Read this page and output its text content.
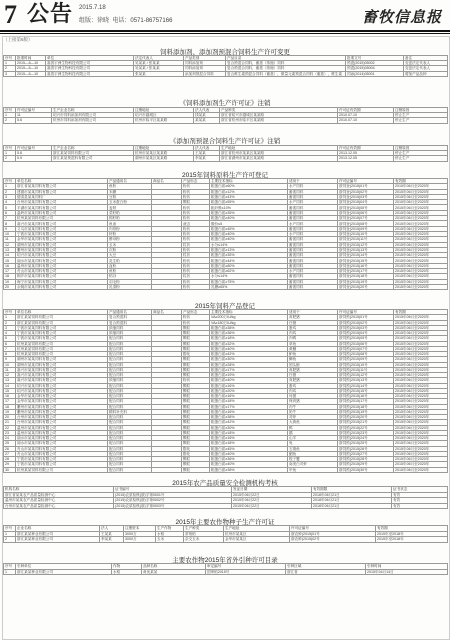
7 公告 2015.7.18
组版：徐晓 电话：0571-86757166	畜牧信息报
（上接第6版）
饲料添加剂、添加剂预混合饲料生产许可变更
序号	批准时间	单位	法定代表人	产品类别	产品目录	批准文号	备注
1	2015—6—10	嘉善宇洲生物科技有限公司	吴某某 / 张某某	饲料添加剂	复合预混合饲料，畜禽（浓缩）饲料	预混(2015)05002	变更法定代表人
2	2015—6—10	嘉善宇洲生物科技有限公司	吴某某 / 张某某	饲料添加剂	复合预混合饲料，畜禽（浓缩）饲料	预混(2015)05004	变更法定代表人
3	2015—6—10	嘉善宇洲生物科技有限公司	张某某	添加剂预混合饲料	复合维生素预混合饲料（畜禽），微量元素预混合饲料（畜禽），维生素	饲添(2014)05001	增加产品品种
《饲料添加剂生产许可证》注销
序号	许可证编号	生产企业名称	注册地址	法人代表	产品种类	许可证有效期	注销原因
1	11	绍兴市饲料添加剂有限公司	绍兴市越城区	钱某某	浙江省绍兴市越城区某某路	2010.07.10	停止生产
2	5.6	杭州市饲料添加剂有限公司	杭州市临平区某某路	某某某	浙江省杭州市临平区某某路	2010.07.10	停止生产
《添加剂预混合饲料生产许可证》注销
序号	许可证编号	生产企业名称	注册地址	法人代表	生产地址	许可证有效期	注销原因
1	5.8	浙江某某饲料有限公司	杭州市某某区某某路	王某某	浙江省杭州市某某区某某路	2013.12.05	停止生产
2	5.9	浙江某某预混料有限公司	湖州市某某区某某路	李某某	浙江省湖州市某某区某某路	2013.12.05	停止生产
2015年饲料原料生产许可登记
序号	单位名称	产品通用名	商品名	产品形态	主要技术指标	适用于	许可证编号	有效期
1	浙江省某某饲料有限公司	鱼粉		粉状	粗蛋白质≥60%	水产饲料	浙饲登(2015)01号	2015年06月至2020年
2	建德市某某饲料有限公司	米糠		粉状	粗蛋白质≥12%	畜禽饲料	浙饲登(2015)02号	2015年06月至2020年
3	德清县某某饲料厂	豆粕		粉状	粗蛋白质≥43%	畜禽饲料	浙饲登(2015)03号	2015年06月至2020年
4	台州市某某饲料有限公司	玉米蛋白粉		颗粒	粗蛋白质≥55%	水产饲料	浙饲登(2015)04号	2015年06月至2020年
5	平湖市某某饲料有限公司	麦麸		粉状	粗纤维≤10%	畜禽饲料	浙饲登(2015)05号	2015年06月至2020年
6	温岭市某某饲料有限公司	菜籽粕		粉状	粗蛋白质≥35%	畜禽饲料	浙饲登(2015)06号	2015年06月至2020年
7	杭州某某饲料有限公司	棉籽粕		粉状	粗蛋白质≥40%	畜禽饲料	浙饲登(2015)07号	2015年06月至2020年
8	嘉兴市某某饲料有限公司	鱼油		液态	酸价≤5	水产饲料	浙饲登(2015)08号	2015年06月至2020年
9	义乌市某某饲料有限公司	肉骨粉		粉状	粗蛋白质≥45%	畜禽饲料	浙饲登(2015)09号	2015年06月至2020年
10	宁波市某某饲料有限公司	虾粉		粉状	粗蛋白质≥40%	水产饲料	浙饲登(2015)10号	2015年06月至2020年
11	金华市某某饲料有限公司	酵母粉		粉状	粗蛋白质≥40%	畜禽饲料	浙饲登(2015)11号	2015年06月至2020年
12	湖州市某某饲料有限公司	玉米		粒状	水分≤14%	畜禽饲料	浙饲登(2015)12号	2015年06月至2020年
13	衢州市某某饲料有限公司	次粉		粉状	粗蛋白质≥13%	畜禽饲料	浙饲登(2015)13号	2015年06月至2020年
14	绍兴市某某饲料有限公司	大豆		粒状	粗蛋白质≥35%	畜禽饲料	浙饲登(2015)14号	2015年06月至2020年
15	丽水市某某饲料有限公司	花生粕		粉状	粗蛋白质≥44%	畜禽饲料	浙饲登(2015)15号	2015年06月至2020年
16	温州市某某饲料有限公司	血粉		粉状	粗蛋白质≥80%	畜禽饲料	浙饲登(2015)16号	2015年06月至2020年
17	舟山市某某饲料有限公司	鱼粉		粉状	粗蛋白质≥62%	水产饲料	浙饲登(2015)17号	2015年06月至2020年
18	桐乡市某某饲料有限公司	稻谷		粒状	水分≤14%	畜禽饲料	浙饲登(2015)18号	2015年06月至2020年
19	海宁市某某饲料有限公司	羽毛粉		粉状	粗蛋白质≥75%	畜禽饲料	浙饲登(2015)19号	2015年06月至2020年
20	余姚市某某饲料有限公司	乳清粉		粉状	乳糖≥65%	畜禽饲料	浙饲登(2015)20号	2015年06月至2020年
2015年饲料产品登记
序号	单位名称	产品通用名	商品名	产品形态	主要技术指标	适用于	许可证编号	有效期
1	浙江某某饲料有限公司	复合预混料		粉状	VA≥200万IU/kg	育肥猪	浙饲预(2015)01号	2015年06月至2020年
2	浙江某某饲料有限公司	复合预混料		粉状	VA≥180万IU/kg	仔猪	浙饲预(2015)02号	2015年06月至2020年
3	宁波市某某饲料有限公司	浓缩饲料		颗粒	粗蛋白质≥38%	蛋鸡	浙饲预(2015)03号	2015年06月至2020年
4	宁波市某某饲料有限公司	浓缩饲料		颗粒	粗蛋白质≥36%	肉鸡	浙饲预(2015)04号	2015年06月至2020年
5	宁波市某某饲料有限公司	配合饲料		颗粒	粗蛋白质≥18%	肉鸭	浙饲预(2015)05号	2015年06月至2020年
6	杭州某某饲料有限公司	配合饲料		颗粒	粗蛋白质≥32%	草鱼	浙饲预(2015)06号	2015年06月至2020年
7	杭州某某饲料有限公司	配合饲料		颗粒	粗蛋白质≥40%	黄鳝	浙饲预(2015)07号	2015年06月至2020年
8	杭州某某饲料有限公司	配合饲料		膨化	粗蛋白质≥42%	鲈鱼	浙饲预(2015)08号	2015年06月至2020年
9	湖州市某某饲料有限公司	配合饲料		颗粒	粗蛋白质≥30%	鲫鱼	浙饲预(2015)09号	2015年06月至2020年
10	湖州市某某饲料有限公司	配合饲料		颗粒	粗蛋白质≥28%	团头鲂	浙饲预(2015)10号	2015年06月至2020年
11	嘉兴市某某饲料有限公司	配合饲料		颗粒	粗蛋白质≥17%	育肥猪	浙饲预(2015)11号	2015年06月至2020年
12	嘉兴市某某饲料有限公司	配合饲料		颗粒	粗蛋白质≥19%	仔猪	浙饲预(2015)12号	2015年06月至2020年
13	嘉兴市某某饲料有限公司	浓缩饲料		粉状	粗蛋白质≥40%	育肥猪	浙饲预(2015)13号	2015年06月至2020年
14	绍兴市某某饲料有限公司	配合饲料		颗粒	粗蛋白质≥16%	蛋鸡	浙饲预(2015)14号	2015年06月至2020年
15	绍兴市某某饲料有限公司	配合饲料		颗粒	粗蛋白质≥20%	肉鸡	浙饲预(2015)15号	2015年06月至2020年
16	金华市某某饲料有限公司	配合饲料		颗粒	粗蛋白质≥16%	母猪	浙饲预(2015)16号	2015年06月至2020年
17	金华市某某饲料有限公司	配合饲料		颗粒	粗蛋白质≥18%	保育猪	浙饲预(2015)17号	2015年06月至2020年
18	衢州市某某饲料有限公司	配合饲料		颗粒	粗蛋白质≥17%	肉牛	浙饲预(2015)18号	2015年06月至2020年
19	衢州市某某饲料有限公司	精料补充料		颗粒	粗蛋白质≥16%	奶牛	浙饲预(2015)19号	2015年06月至2020年
20	台州市某某饲料有限公司	配合饲料		颗粒	粗蛋白质≥38%	对虾	浙饲预(2015)20号	2015年06月至2020年
21	台州市某某饲料有限公司	配合饲料		颗粒	粗蛋白质≥42%	大黄鱼	浙饲预(2015)21号	2015年06月至2020年
22	温州市某某饲料有限公司	配合饲料		颗粒	粗蛋白质≥30%	鸭	浙饲预(2015)22号	2015年06月至2020年
23	温州市某某饲料有限公司	配合饲料		颗粒	粗蛋白质≥18%	鹅	浙饲预(2015)23号	2015年06月至2020年
24	丽水市某某饲料有限公司	配合饲料		颗粒	粗蛋白质≥16%	山羊	浙饲预(2015)24号	2015年06月至2020年
25	丽水市某某饲料有限公司	配合饲料		颗粒	粗蛋白质≥18%	兔	浙饲预(2015)25号	2015年06月至2020年
26	舟山市某某饲料有限公司	配合饲料		膨化	粗蛋白质≥45%	石斑鱼	浙饲预(2015)26号	2015年06月至2020年
27	舟山市某某饲料有限公司	配合饲料		膨化	粗蛋白质≥40%	鲳鱼	浙饲预(2015)27号	2015年06月至2020年
28	宁波市某某饲料有限公司	配合饲料		颗粒	粗蛋白质≥36%	梭子蟹	浙饲预(2015)28号	2015年06月至2020年
29	宁波市某某饲料有限公司	配合饲料		颗粒	粗蛋白质≥40%	南美白对虾	浙饲预(2015)29号	2015年06月至2020年
30	杭州某某饲料有限公司	配合饲料		颗粒	粗蛋白质≥38%	甲鱼	浙饲预(2015)30号	2015年06月至2020年
2015年农产品质量安全检测机构考核
机构名称	证书编号	发证日期	有效期限	证书状态
浙江省某某农产品质量检测中心	(2015)农质检核(浙)字第0001号	2015年06月22日	2018年06月21日	有效
温州市某某农产品质量检测中心	(2015)农质检核(浙)字第0002号	2015年06月22日	2018年06月21日	有效
台州市某某农产品质量检测中心	(2015)农质检核(浙)字第0003号	2015年06月22日	2018年06月21日	有效
2015年主要农作物种子生产许可证
序号	企业名称	法人	注册资本	生产作物	生产种类	生产地址	许可证编号	有效期
1	浙江某某种业有限公司	王某某	3000万	水稻	常规稻	杭州市某某区	浙农种(2015)01号	2015年至2018年
2	浙江某某种业有限公司	李某某	3000万	玉米	杂交玉米	金华市某某区	浙农种(2015)02号	2015年至2018年
主要农作物2015年省外引种许可目录
序号	引种单位	作物	品种名称	审定编号	引种区域	引种时间
1	浙江某某种业有限公司	水稻	甬优某某	国审稻2015号	浙江省	2015年04月14日
